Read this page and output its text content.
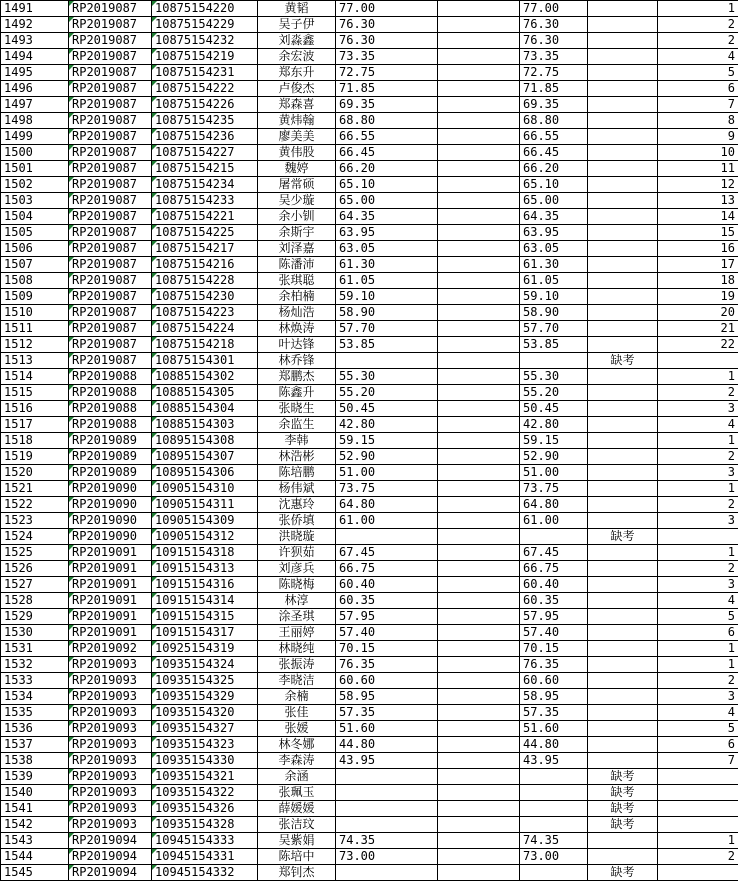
1491	RP2019087	10875154220	黄韬	77.00		77.00		1
1492	RP2019087	10875154229	吴子伊	76.30		76.30		2
1493	RP2019087	10875154232	刘淼鑫	76.30		76.30		2
1494	RP2019087	10875154219	余宏波	73.35		73.35		4
1495	RP2019087	10875154231	郑东升	72.75		72.75		5
1496	RP2019087	10875154222	卢俊杰	71.85		71.85		6
1497	RP2019087	10875154226	郑森喜	69.35		69.35		7
1498	RP2019087	10875154235	黄炜翰	68.80		68.80		8
1499	RP2019087	10875154236	廖美美	66.55		66.55		9
1500	RP2019087	10875154227	黄伟股	66.45		66.45		10
1501	RP2019087	10875154215	魏婷	66.20		66.20		11
1502	RP2019087	10875154234	屠常硕	65.10		65.10		12
1503	RP2019087	10875154233	吴少璇	65.00		65.00		13
1504	RP2019087	10875154221	余小钏	64.35		64.35		14
1505	RP2019087	10875154225	余斯宇	63.95		63.95		15
1506	RP2019087	10875154217	刘泽嘉	63.05		63.05		16
1507	RP2019087	10875154216	陈潘沛	61.30		61.30		17
1508	RP2019087	10875154228	张琪聪	61.05		61.05		18
1509	RP2019087	10875154230	余柏楠	59.10		59.10		19
1510	RP2019087	10875154223	杨灿浩	58.90		58.90		20
1511	RP2019087	10875154224	林焕涛	57.70		57.70		21
1512	RP2019087	10875154218	叶达锋	53.85		53.85		22
1513	RP2019087	10875154301	林乔锋				缺考	
1514	RP2019088	10885154302	郑鹏杰	55.30		55.30		1
1515	RP2019088	10885154305	陈鑫升	55.20		55.20		2
1516	RP2019088	10885154304	张晓生	50.45		50.45		3
1517	RP2019088	10885154303	余监生	42.80		42.80		4
1518	RP2019089	10895154308	李韩	59.15		59.15		1
1519	RP2019089	10895154307	林浩彬	52.90		52.90		2
1520	RP2019089	10895154306	陈培鹏	51.00		51.00		3
1521	RP2019090	10905154310	杨伟斌	73.75		73.75		1
1522	RP2019090	10905154311	沈惠玲	64.80		64.80		2
1523	RP2019090	10905154309	张侨填	61.00		61.00		3
1524	RP2019090	10905154312	洪晓璇				缺考	
1525	RP2019091	10915154318	许狈茹	67.45		67.45		1
1526	RP2019091	10915154313	刘彦兵	66.75		66.75		2
1527	RP2019091	10915154316	陈晓梅	60.40		60.40		3
1528	RP2019091	10915154314	林淳	60.35		60.35		4
1529	RP2019091	10915154315	涂圣琪	57.95		57.95		5
1530	RP2019091	10915154317	王丽婷	57.40		57.40		6
1531	RP2019092	10925154319	林晓纯	70.15		70.15		1
1532	RP2019093	10935154324	张振涛	76.35		76.35		1
1533	RP2019093	10935154325	李晓洁	60.60		60.60		2
1534	RP2019093	10935154329	余楠	58.95		58.95		3
1535	RP2019093	10935154320	张佳	57.35		57.35		4
1536	RP2019093	10935154327	张媛	51.60		51.60		5
1537	RP2019093	10935154323	林冬娜	44.80		44.80		6
1538	RP2019093	10935154330	李森涛	43.95		43.95		7
1539	RP2019093	10935154321	余涵				缺考	
1540	RP2019093	10935154322	张珮玉				缺考	
1541	RP2019093	10935154326	薛媛媛				缺考	
1542	RP2019093	10935154328	张洁玟				缺考	
1543	RP2019094	10945154333	吴紫娟	74.35		74.35		1
1544	RP2019094	10945154331	陈培中	73.00		73.00		2
1545	RP2019094	10945154332	郑钊杰				缺考	
